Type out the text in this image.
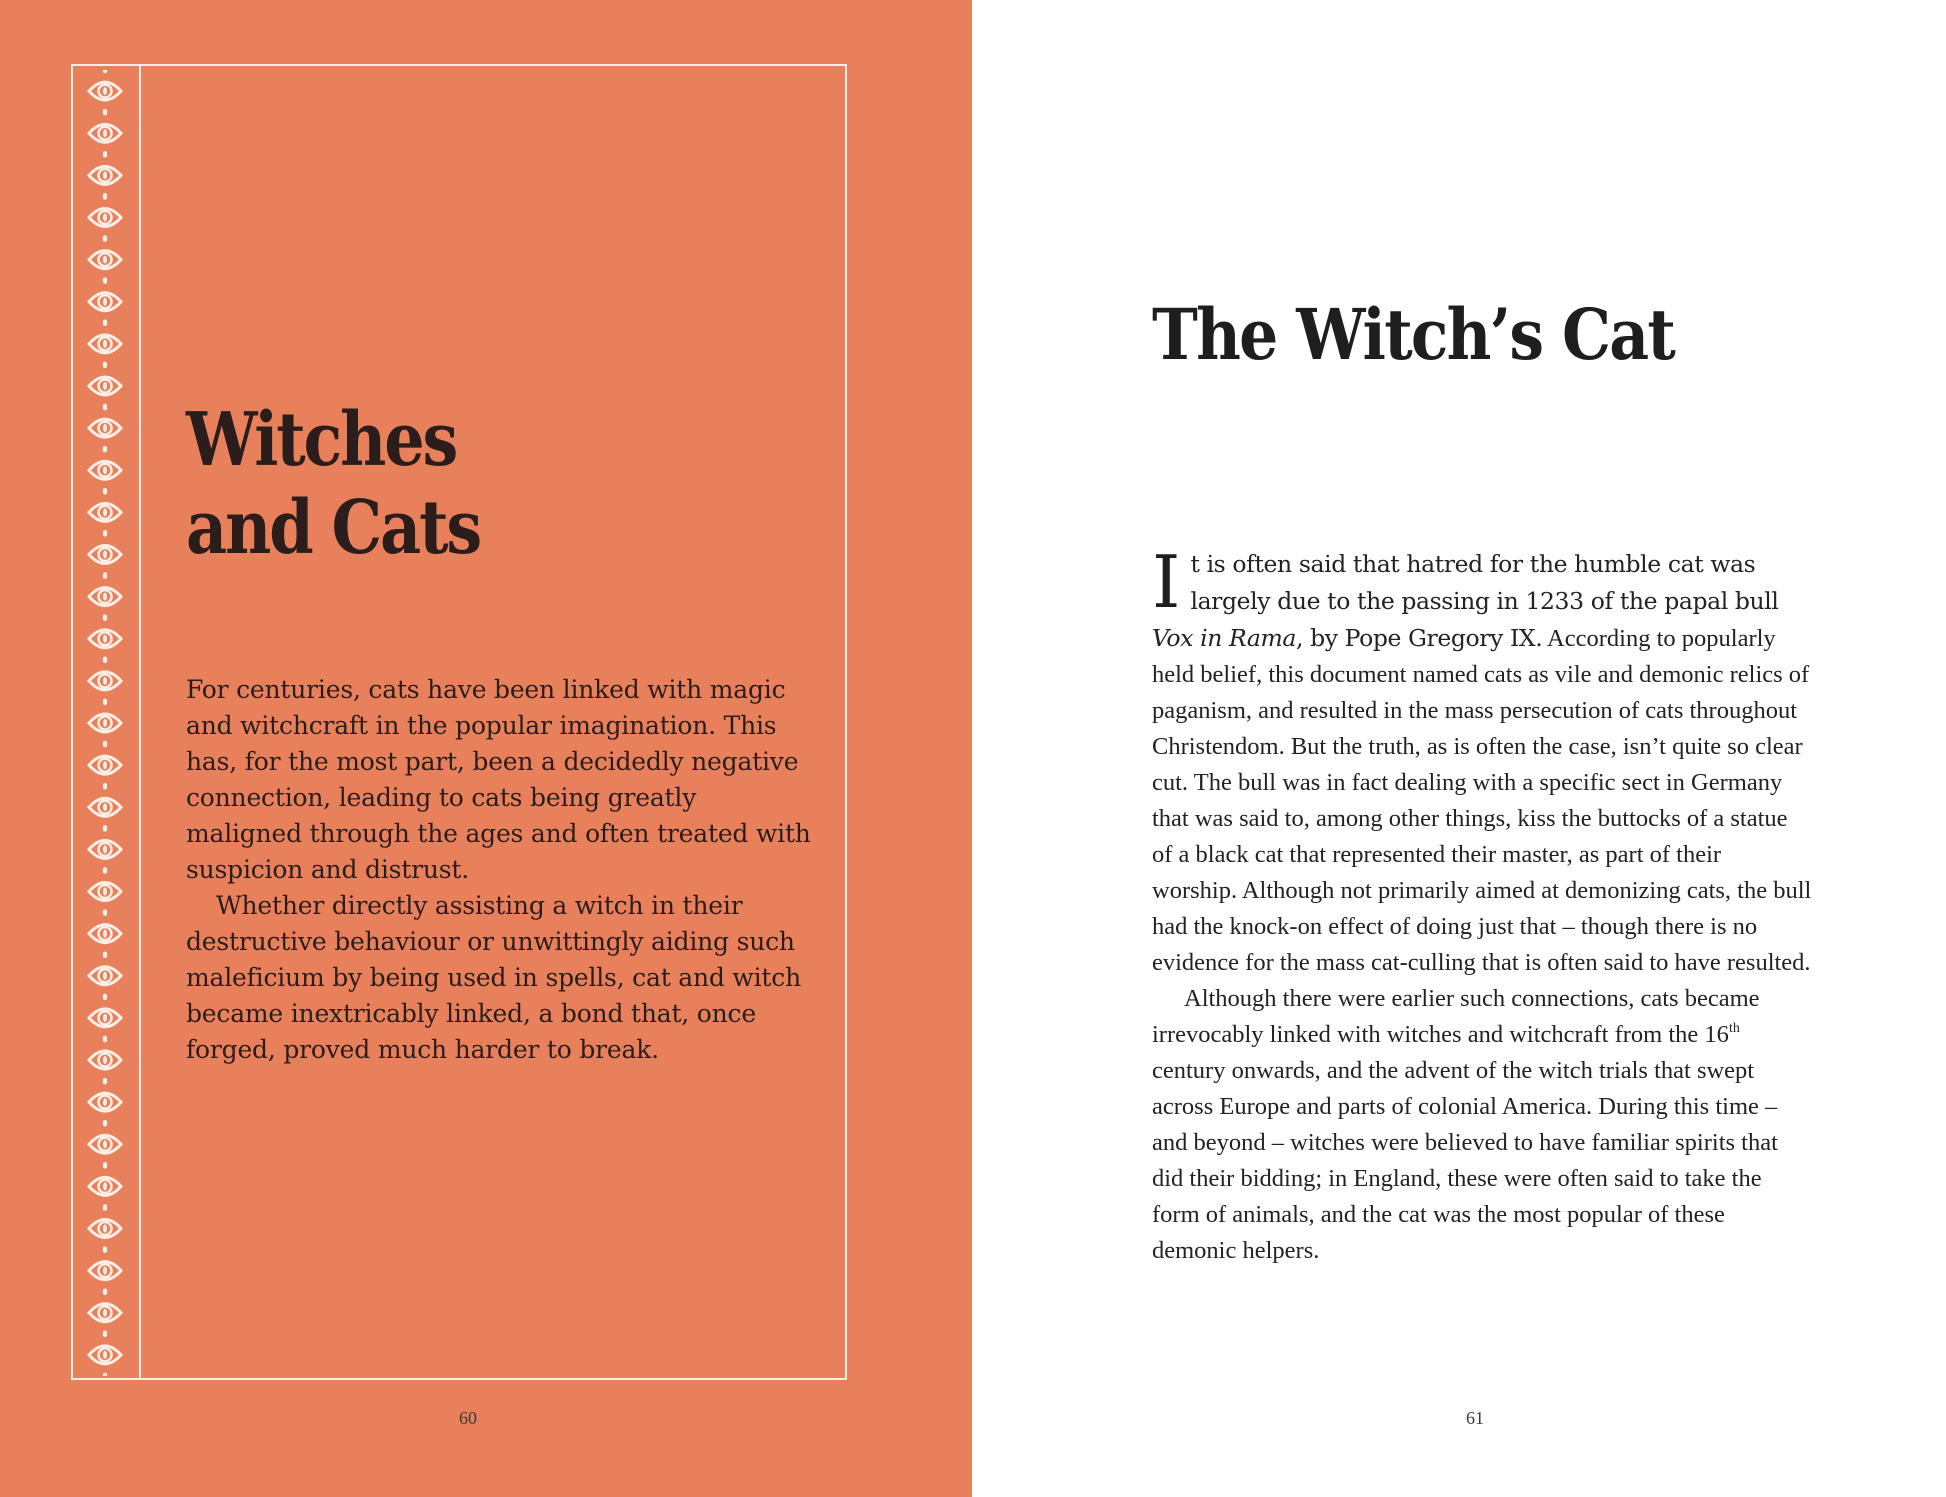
Witches
and Cats

For centuries, cats have been linked with magic and witchcraft in the popular imagination. This has, for the most part, been a decidedly negative connection, leading to cats being greatly maligned through the ages and often treated with suspicion and distrust.

Whether directly assisting a witch in their destructive behaviour or unwittingly aiding such maleficium by being used in spells, cat and witch became inextricably linked, a bond that, once forged, proved much harder to break.

60
The Witch’s Cat

It is often said that hatred for the humble cat was largely due to the passing in 1233 of the papal bull Vox in Rama, by Pope Gregory IX. According to popularly held belief, this document named cats as vile and demonic relics of paganism, and resulted in the mass persecution of cats throughout Christendom. But the truth, as is often the case, isn’t quite so clear cut. The bull was in fact dealing with a specific sect in Germany that was said to, among other things, kiss the buttocks of a statue of a black cat that represented their master, as part of their worship. Although not primarily aimed at demonizing cats, the bull had the knock-on effect of doing just that – though there is no evidence for the mass cat-culling that is often said to have resulted.

Although there were earlier such connections, cats became irrevocably linked with witches and witchcraft from the 16th century onwards, and the advent of the witch trials that swept across Europe and parts of colonial America. During this time – and beyond – witches were believed to have familiar spirits that did their bidding; in England, these were often said to take the form of animals, and the cat was the most popular of these demonic helpers.

61
